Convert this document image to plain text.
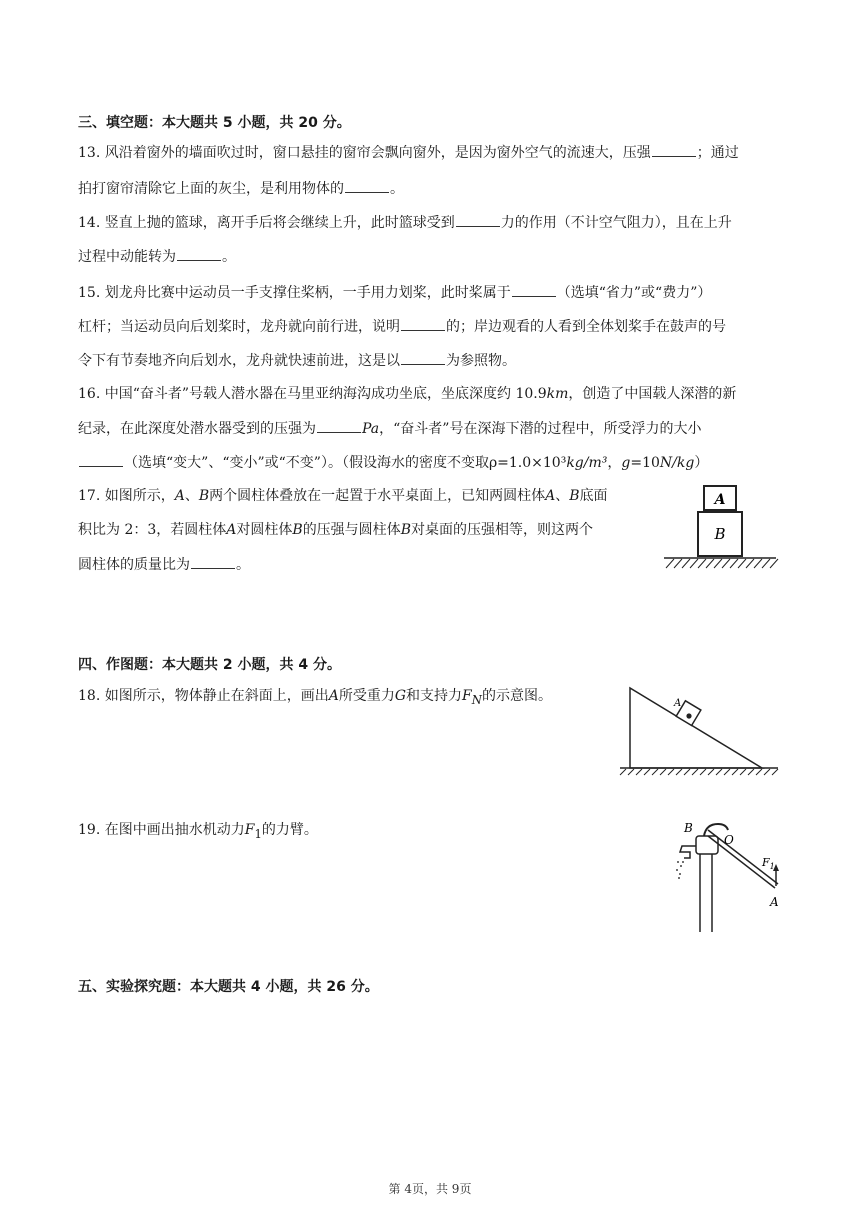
三、填空题：本大题共 5 小题，共 20 分。
13. 风沿着窗外的墙面吹过时，窗口悬挂的窗帘会飘向窗外，是因为窗外空气的流速大，压强	；通过
拍打窗帘清除它上面的灰尘，是利用物体的	。
14. 竖直上抛的篮球，离开手后将会继续上升，此时篮球受到	力的作用（不计空气阻力），且在上升
过程中动能转为	。
15. 划龙舟比赛中运动员一手支撑住桨柄，一手用力划桨，此时桨属于	（选填“省力”或“费力”）
杠杆；当运动员向后划桨时，龙舟就向前行进，说明	的；岸边观看的人看到全体划桨手在鼓声的号
令下有节奏地齐向后划水，龙舟就快速前进，这是以	为参照物。
16. 中国“奋斗者”号载人潜水器在马里亚纳海沟成功坐底，坐底深度约 10.9km，创造了中国载人深潜的新
纪录，在此深度处潜水器受到的压强为	Pa，“奋斗者”号在深海下潜的过程中，所受浮力的大小
（选填“变大”、“变小”或“不变”）。（假设海水的密度不变取ρ=1.0×10³kg/m³，g=10N/kg）
17. 如图所示，A、B两个圆柱体叠放在一起置于水平桌面上，已知两圆柱体A、B底面
积比为 2：3，若圆柱体A对圆柱体B的压强与圆柱体B对桌面的压强相等，则这两个
圆柱体的质量比为	。
A
B
四、作图题：本大题共 2 小题，共 4 分。
18. 如图所示，物体静止在斜面上，画出A所受重力G和支持力$F_N$的示意图。	A
19. 在图中画出抽水机动力$F_1$的力臂。	B
O
$F_1$
A
五、实验探究题：本大题共 4 小题，共 26 分。
第 4页，共 9页
